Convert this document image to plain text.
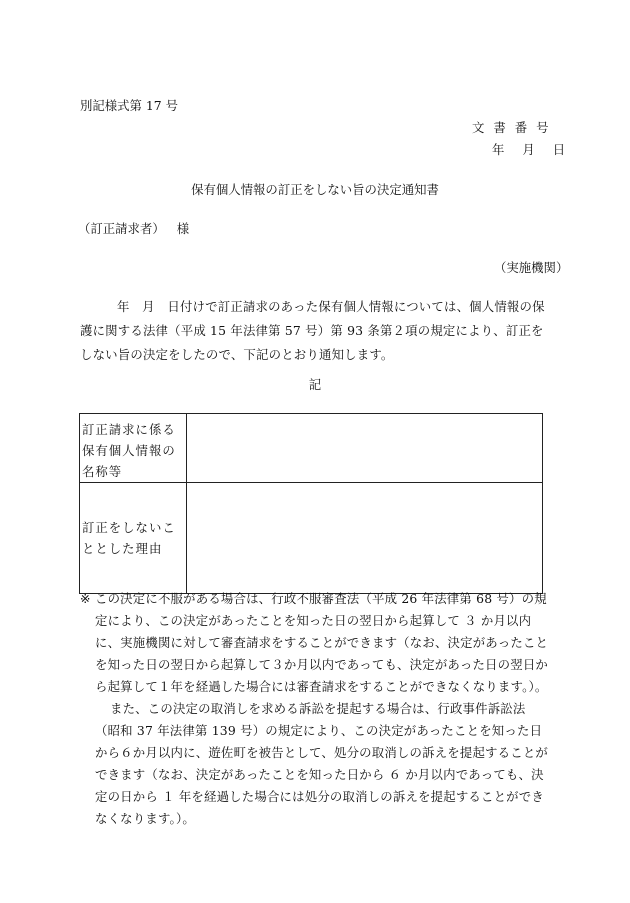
別記様式第 17 号
文書番号
年 月 日
保有個人情報の訂正をしない旨の決定通知書
（訂正請求者） 様
（実施機関）
年　月　日付けで訂正請求のあった保有個人情報については、個人情報の保護に関する法律（平成 15 年法律第 57 号）第 93 条第２項の規定により、訂正をしない旨の決定をしたので、下記のとおり通知します。
記
訂正請求に係る保有個人情報の名称等	
訂正をしないこととした理由	
※ この決定に不服がある場合は、行政不服審査法（平成 26 年法律第 68 号）の規定により、この決定があったことを知った日の翌日から起算して ３ か月以内に、実施機関に対して審査請求をすることができます（なお、決定があったことを知った日の翌日から起算して３か月以内であっても、決定があった日の翌日から起算して１年を経過した場合には審査請求をすることができなくなります。）。
また、この決定の取消しを求める訴訟を提起する場合は、行政事件訴訟法（昭和 37 年法律第 139 号）の規定により、この決定があったことを知った日から６か月以内に、遊佐町を被告として、処分の取消しの訴えを提起することができます（なお、決定があったことを知った日から ６ か月以内であっても、決定の日から １ 年を経過した場合には処分の取消しの訴えを提起することができなくなります。）。
